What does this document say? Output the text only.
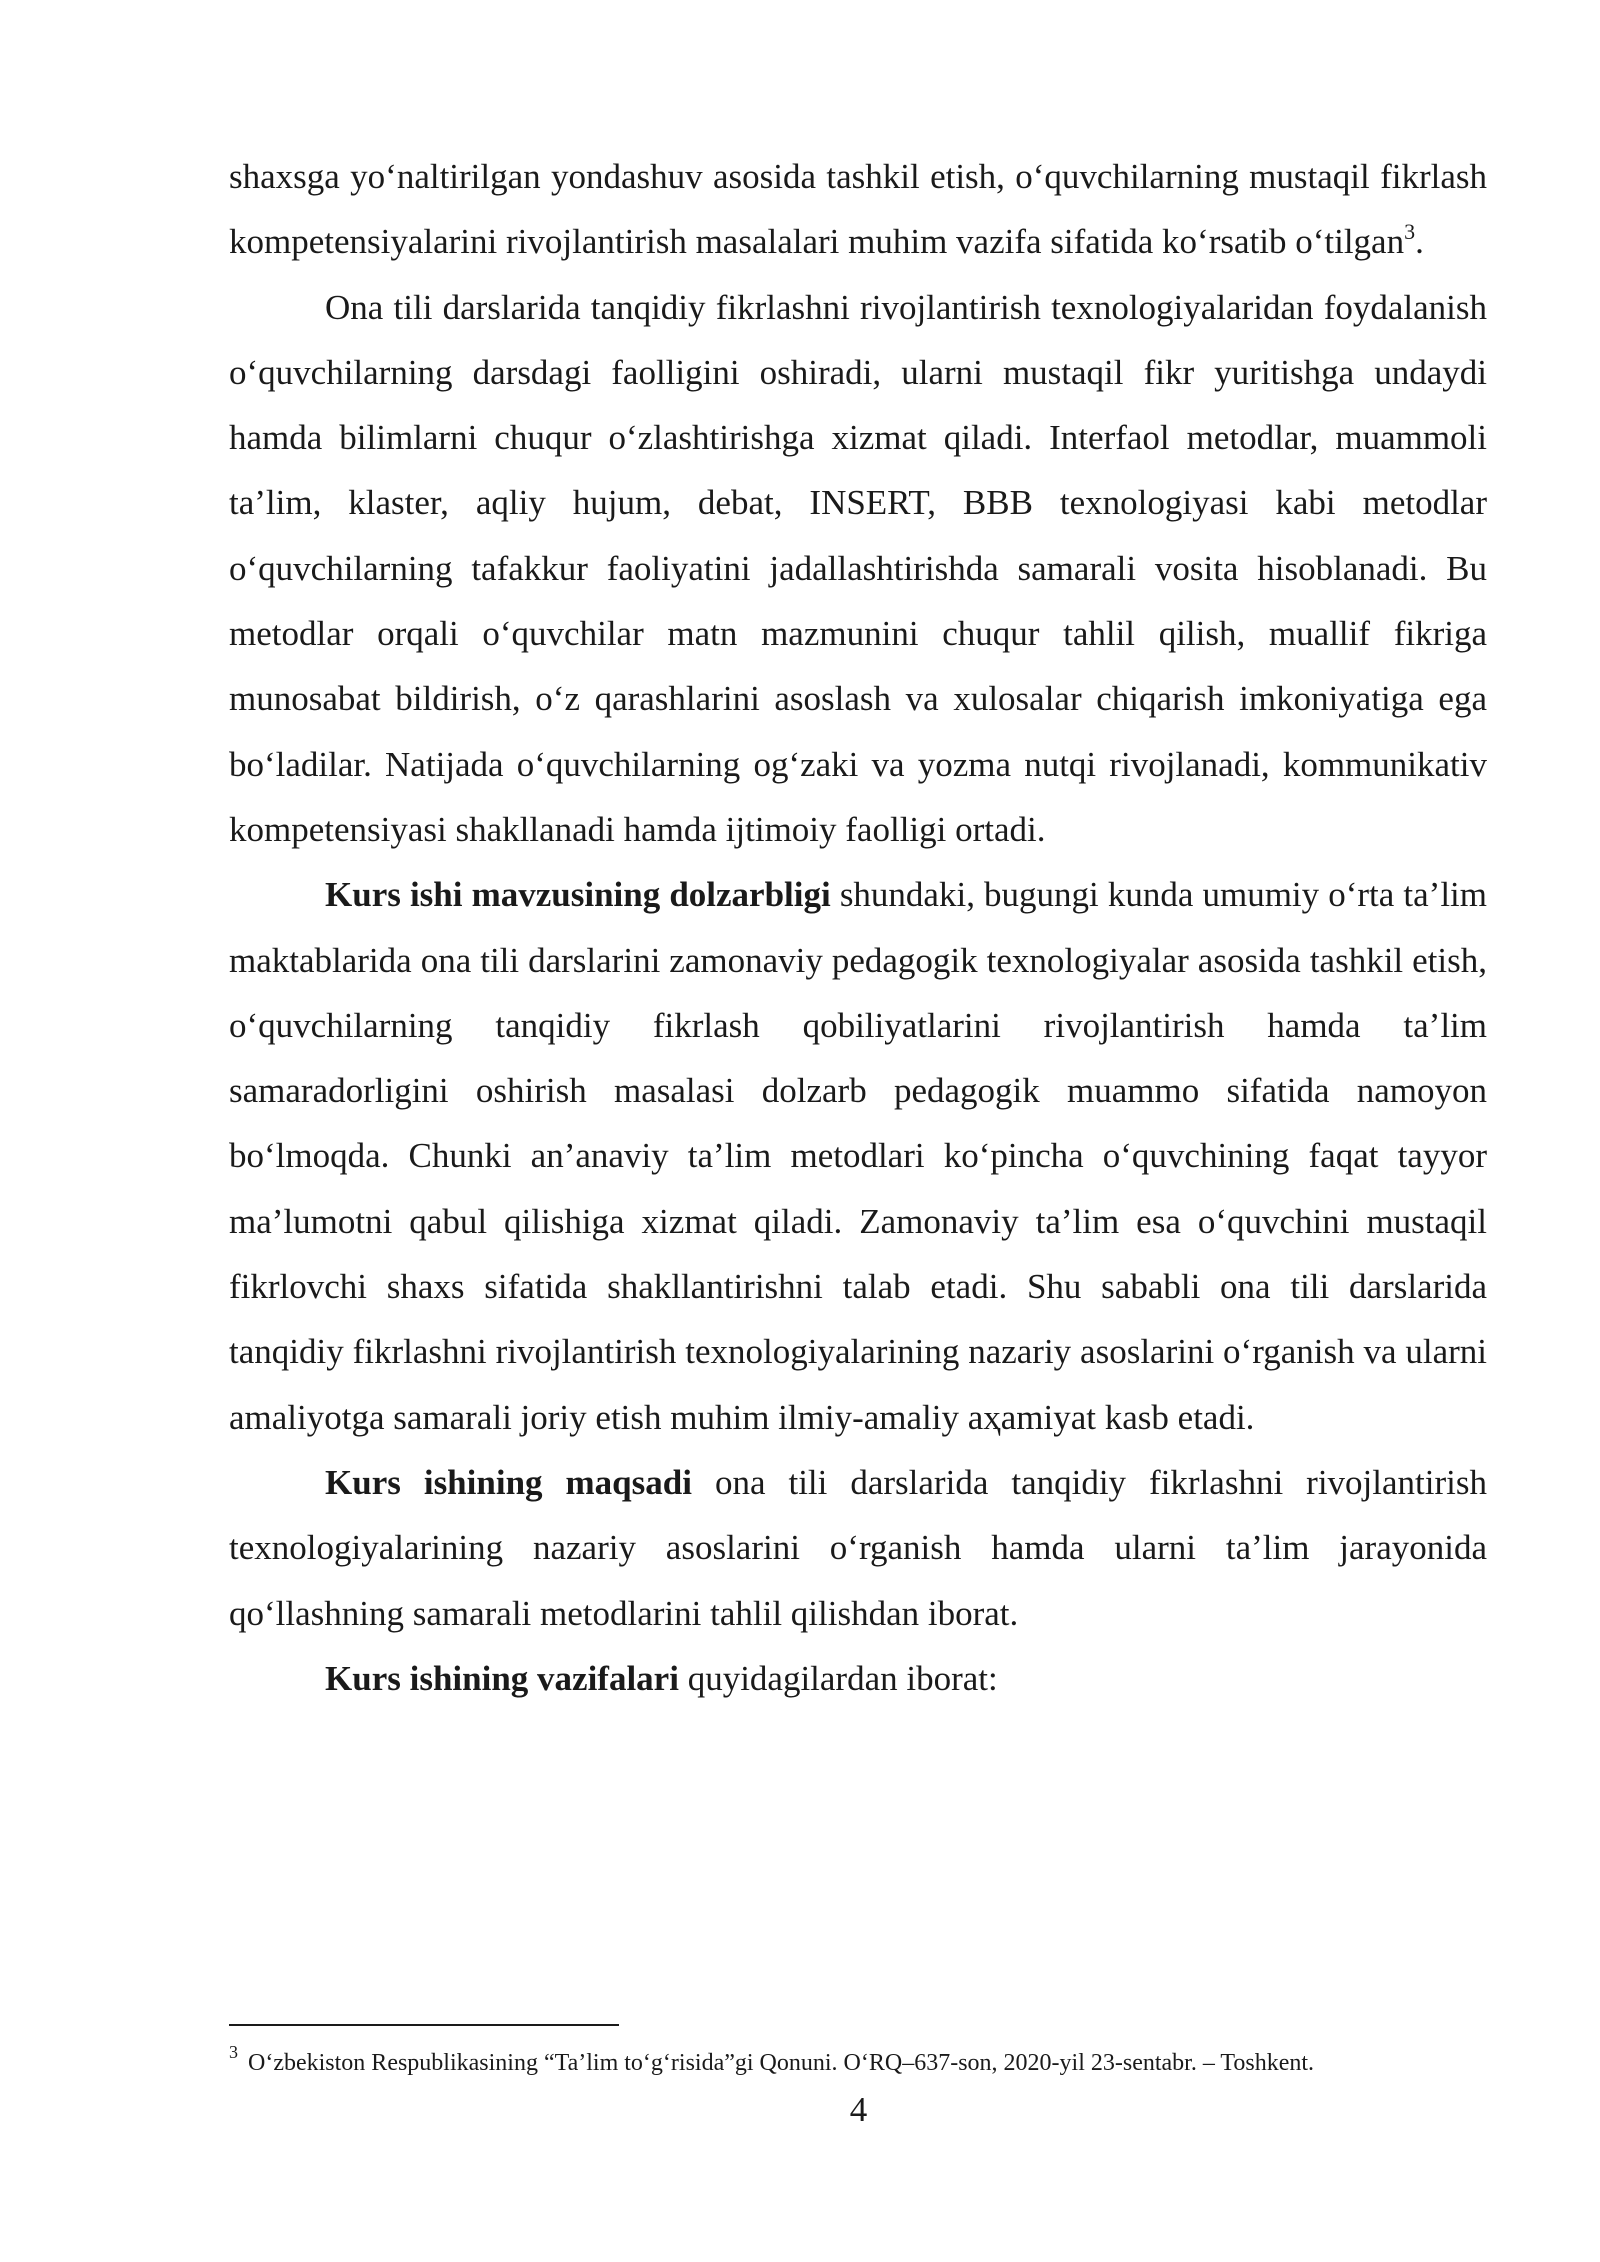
shaxsga yo‘naltirilgan yondashuv asosida tashkil etish, o‘quvchilarning mustaqil fikrlash kompetensiyalarini rivojlantirish masalalari muhim vazifa sifatida ko‘rsatib o‘tilgan$^3$.

Ona tili darslarida tanqidiy fikrlashni rivojlantirish texnologiyalaridan foydalanish o‘quvchilarning darsdagi faolligini oshiradi, ularni mustaqil fikr yuritishga undaydi hamda bilimlarni chuqur o‘zlashtirishga xizmat qiladi. Interfaol metodlar, muammoli ta’lim, klaster, aqliy hujum, debat, INSERT, BBB texnologiyasi kabi metodlar o‘quvchilarning tafakkur faoliyatini jadallashtirishda samarali vosita hisoblanadi. Bu metodlar orqali o‘quvchilar matn mazmunini chuqur tahlil qilish, muallif fikriga munosabat bildirish, o‘z qarashlarini asoslash va xulosalar chiqarish imkoniyatiga ega bo‘ladilar. Natijada o‘quvchilarning og‘zaki va yozma nutqi rivojlanadi, kommunikativ kompetensiyasi shakllanadi hamda ijtimoiy faolligi ortadi.

Kurs ishi mavzusining dolzarbligi shundaki, bugungi kunda umumiy o‘rta ta’lim maktablarida ona tili darslarini zamonaviy pedagogik texnologiyalar asosida tashkil etish, o‘quvchilarning tanqidiy fikrlash qobiliyatlarini rivojlantirish hamda ta’lim samaradorligini oshirish masalasi dolzarb pedagogik muammo sifatida namoyon bo‘lmoqda. Chunki an’anaviy ta’lim metodlari ko‘pincha o‘quvchining faqat tayyor ma’lumotni qabul qilishiga xizmat qiladi. Zamonaviy ta’lim esa o‘quvchini mustaqil fikrlovchi shaxs sifatida shakllantirishni talab etadi. Shu sababli ona tili darslarida tanqidiy fikrlashni rivojlantirish texnologiyalarining nazariy asoslarini o‘rganish va ularni amaliyotga samarali joriy etish muhim ilmiy-amaliy aҳamiyat kasb etadi.

Kurs ishining maqsadi ona tili darslarida tanqidiy fikrlashni rivojlantirish texnologiyalarining nazariy asoslarini o‘rganish hamda ularni ta’lim jarayonida qo‘llashning samarali metodlarini tahlil qilishdan iborat.

Kurs ishining vazifalari quyidagilardan iborat:

$^3$ O‘zbekiston Respublikasining “Ta’lim to‘g‘risida”gi Qonuni. O‘RQ–637-son, 2020-yil 23-sentabr. – Toshkent.
4
